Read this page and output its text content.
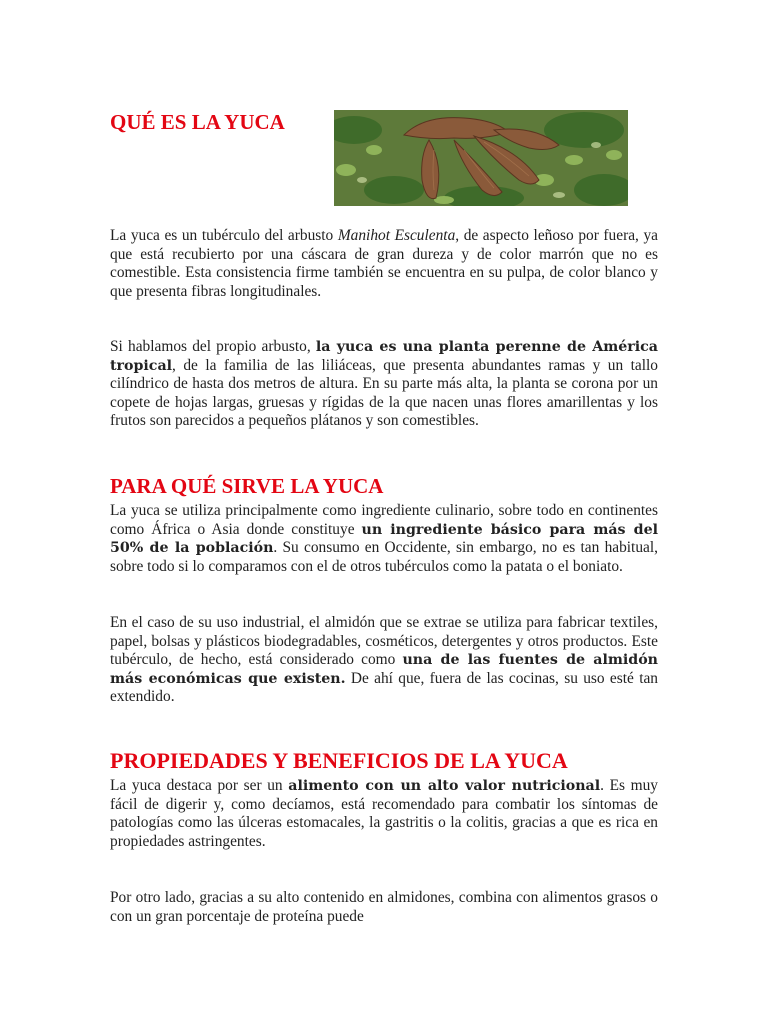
QUÉ ES LA YUCA

La yuca es un tubérculo del arbusto Manihot Esculenta, de aspecto leñoso por fuera, ya que está recubierto por una cáscara de gran dureza y de color marrón que no es comestible. Esta consistencia firme también se encuentra en su pulpa, de color blanco y que presenta fibras longitudinales.

Si hablamos del propio arbusto, la yuca es una planta perenne de América tropical, de la familia de las liliáceas, que presenta abundantes ramas y un tallo cilíndrico de hasta dos metros de altura. En su parte más alta, la planta se corona por un copete de hojas largas, gruesas y rígidas de la que nacen unas flores amarillentas y los frutos son parecidos a pequeños plátanos y son comestibles.

PARA QUÉ SIRVE LA YUCA

La yuca se utiliza principalmente como ingrediente culinario, sobre todo en continentes como África o Asia donde constituye un ingrediente básico para más del 50% de la población. Su consumo en Occidente, sin embargo, no es tan habitual, sobre todo si lo comparamos con el de otros tubérculos como la patata o el boniato.

En el caso de su uso industrial, el almidón que se extrae se utiliza para fabricar textiles, papel, bolsas y plásticos biodegradables, cosméticos, detergentes y otros productos. Este tubérculo, de hecho, está considerado como una de las fuentes de almidón más económicas que existen. De ahí que, fuera de las cocinas, su uso esté tan extendido.

PROPIEDADES Y BENEFICIOS DE LA YUCA

La yuca destaca por ser un alimento con un alto valor nutricional. Es muy fácil de digerir y, como decíamos, está recomendado para combatir los síntomas de patologías como las úlceras estomacales, la gastritis o la colitis, gracias a que es rica en propiedades astringentes.

Por otro lado, gracias a su alto contenido en almidones, combina con alimentos grasos o con un gran porcentaje de proteína puede
